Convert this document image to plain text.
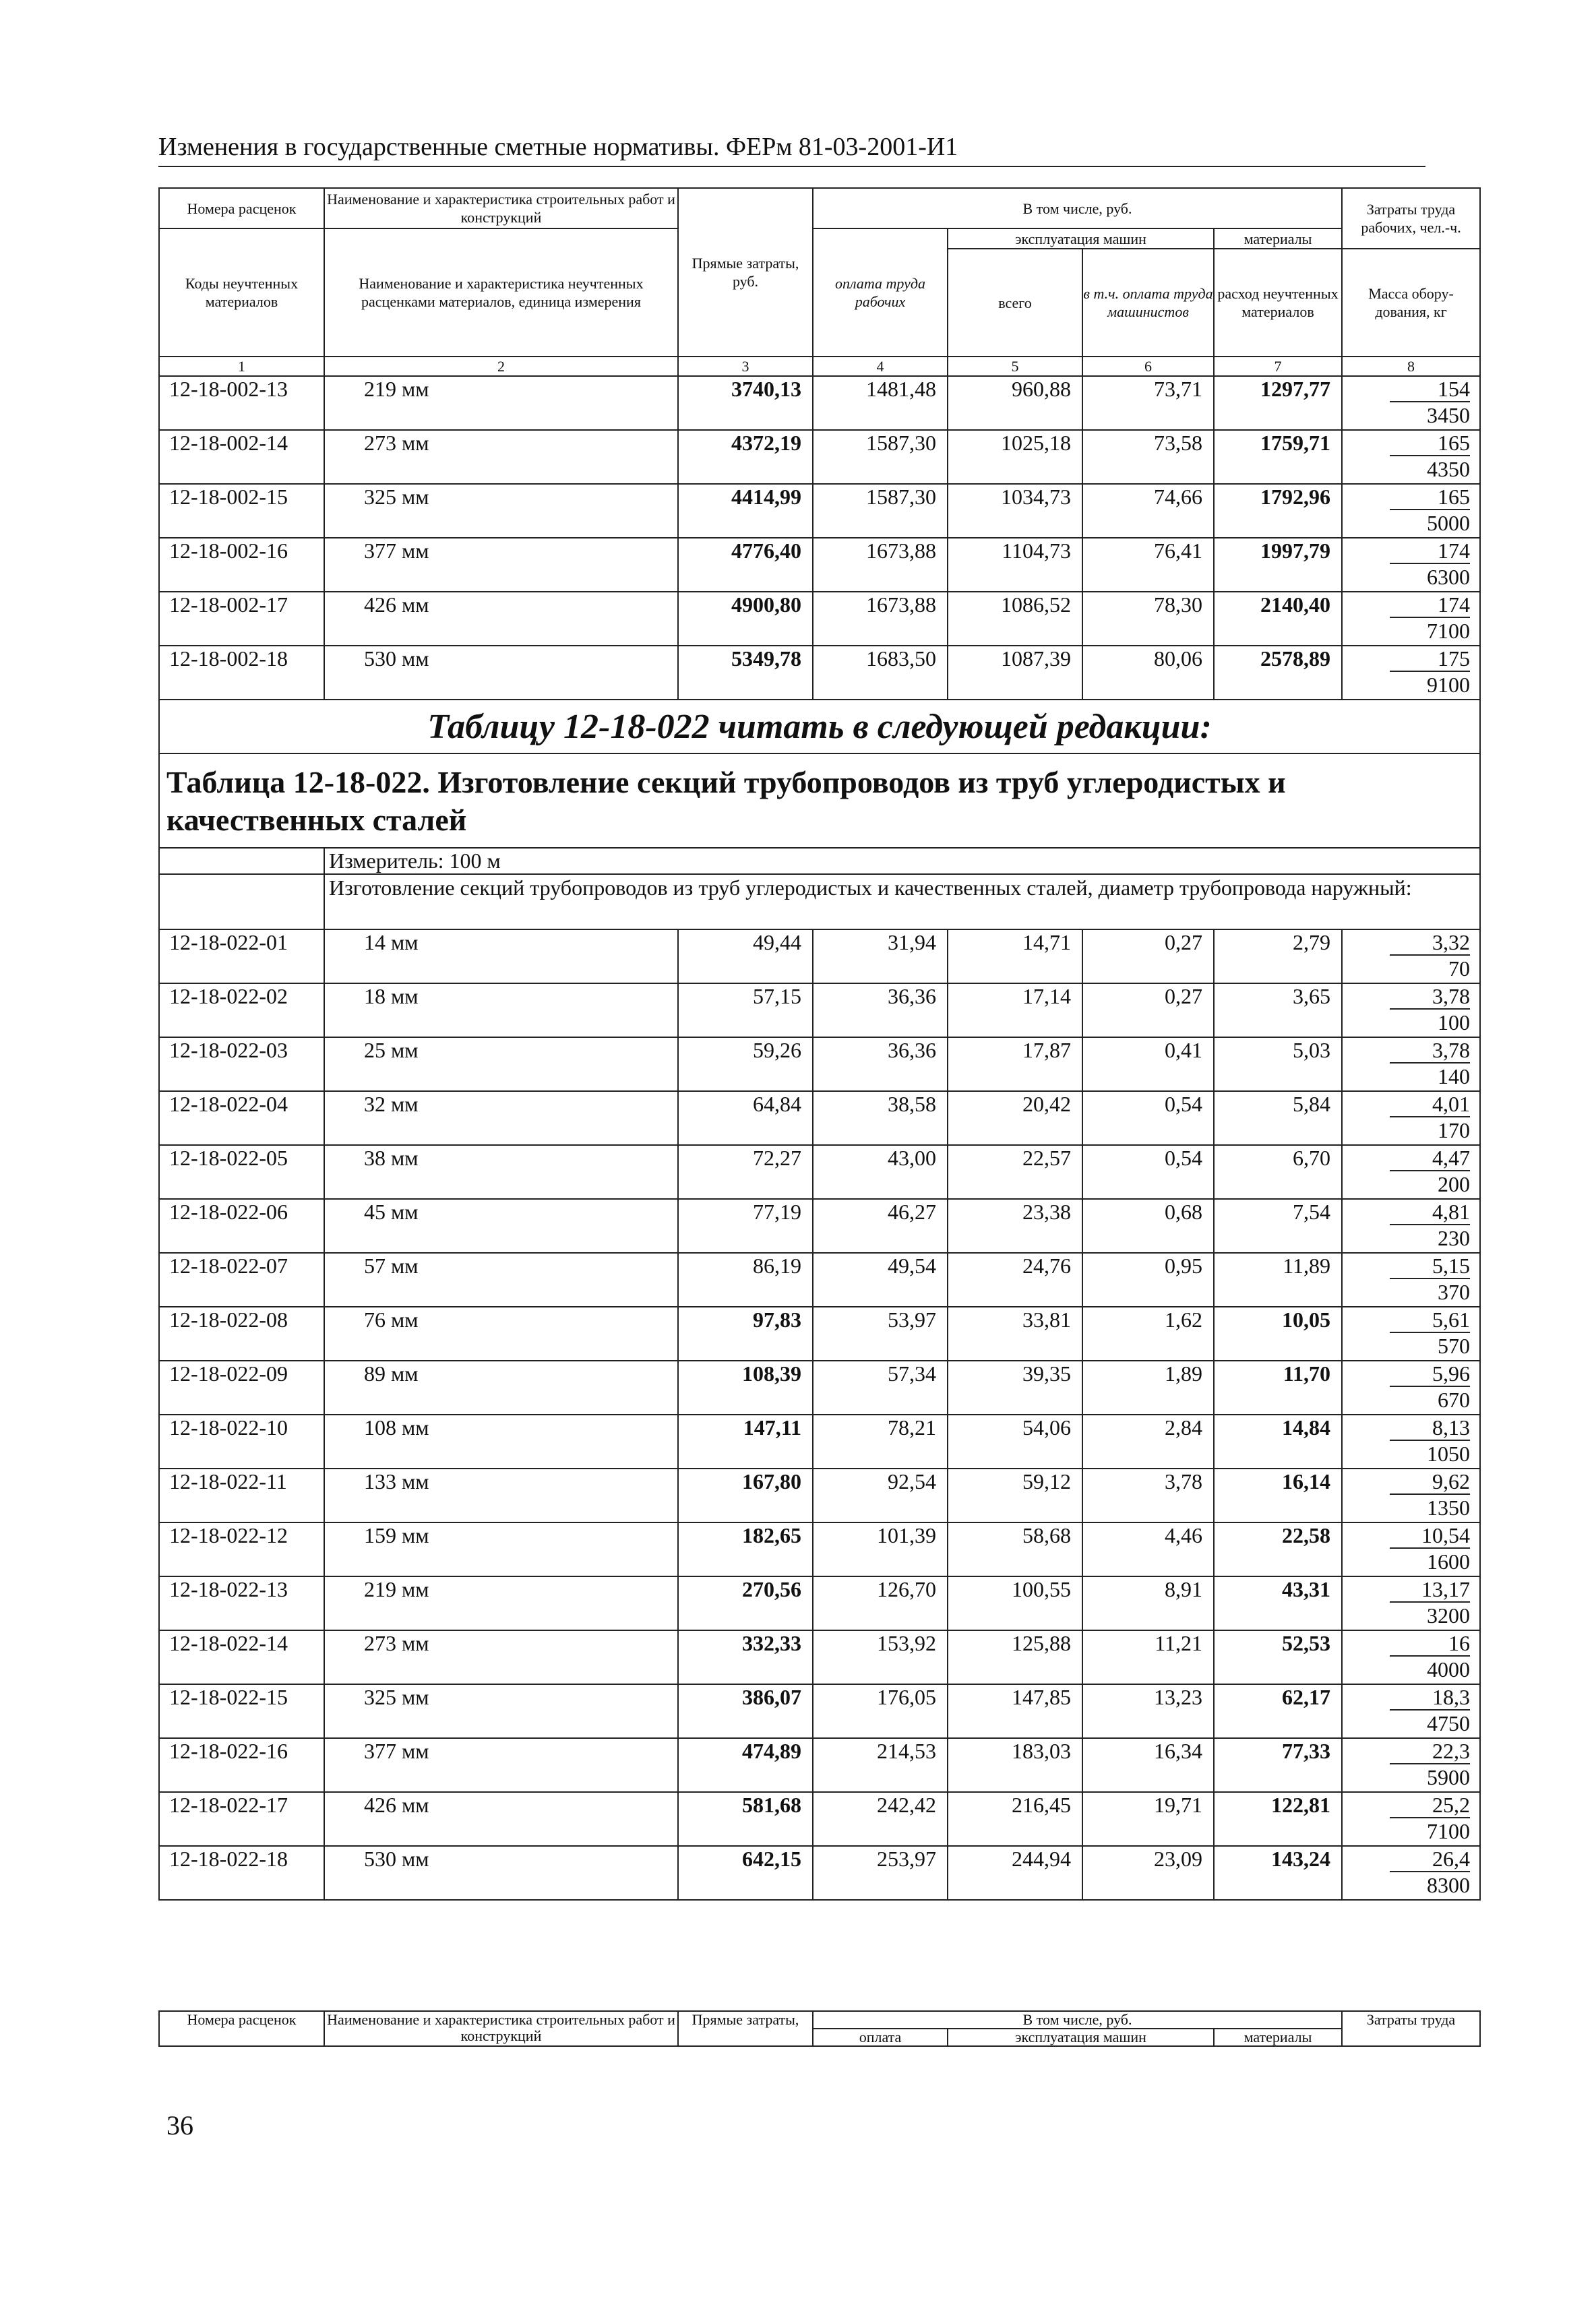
Изменения в государственные сметные нормативы. ФЕРм 81-03-2001-И1
Номера расценок	Наименование и характеристика строительных работ и конструкций	Прямые затраты, руб.	В том числе, руб.				Затраты труда рабочих, чел.-ч.
Коды неучтенных материалов	Наименование и характеристика неучтенных расценками материалов, единица измерения		оплата труда рабочих	эксплуатация машин		материалы	
				всего	в т.ч. оплата труда машинистов	расход неучтенных материалов	Масса обору-дования, кг
1	2	3	4	5	6	7	8
12-18-002-13	219 мм	3740,13	1481,48	960,88	73,71	1297,77	154
3450

12-18-002-14	273 мм	4372,19	1587,30	1025,18	73,58	1759,71	165
4350

12-18-002-15	325 мм	4414,99	1587,30	1034,73	74,66	1792,96	165
5000

12-18-002-16	377 мм	4776,40	1673,88	1104,73	76,41	1997,79	174
6300

12-18-002-17	426 мм	4900,80	1673,88	1086,52	78,30	2140,40	174
7100

12-18-002-18	530 мм	5349,78	1683,50	1087,39	80,06	2578,89	175
9100

Таблицу 12-18-022 читать в следующей редакции:							
Таблица 12-18-022. Изготовление секций трубопроводов из труб углеродистых и качественных сталей							
	Измеритель: 100 м						
	Изготовление секций трубопроводов из труб углеродистых и качественных сталей, диаметр трубопровода наружный:						
12-18-022-01	14 мм	49,44	31,94	14,71	0,27	2,79	3,32
70

12-18-022-02	18 мм	57,15	36,36	17,14	0,27	3,65	3,78
100

12-18-022-03	25 мм	59,26	36,36	17,87	0,41	5,03	3,78
140

12-18-022-04	32 мм	64,84	38,58	20,42	0,54	5,84	4,01
170

12-18-022-05	38 мм	72,27	43,00	22,57	0,54	6,70	4,47
200

12-18-022-06	45 мм	77,19	46,27	23,38	0,68	7,54	4,81
230

12-18-022-07	57 мм	86,19	49,54	24,76	0,95	11,89	5,15
370

12-18-022-08	76 мм	97,83	53,97	33,81	1,62	10,05	5,61
570

12-18-022-09	89 мм	108,39	57,34	39,35	1,89	11,70	5,96
670

12-18-022-10	108 мм	147,11	78,21	54,06	2,84	14,84	8,13
1050

12-18-022-11	133 мм	167,80	92,54	59,12	3,78	16,14	9,62
1350

12-18-022-12	159 мм	182,65	101,39	58,68	4,46	22,58	10,54
1600

12-18-022-13	219 мм	270,56	126,70	100,55	8,91	43,31	13,17
3200

12-18-022-14	273 мм	332,33	153,92	125,88	11,21	52,53	16
4000

12-18-022-15	325 мм	386,07	176,05	147,85	13,23	62,17	18,3
4750

12-18-022-16	377 мм	474,89	214,53	183,03	16,34	77,33	22,3
5900

12-18-022-17	426 мм	581,68	242,42	216,45	19,71	122,81	25,2
7100

12-18-022-18	530 мм	642,15	253,97	244,94	23,09	143,24	26,4
8300
Номера расценок	Наименование и характеристика строительных работ и конструкций	Прямые затраты,	В том числе, руб.			Затраты труда
			оплата	эксплуатация машин	материалы	
36
